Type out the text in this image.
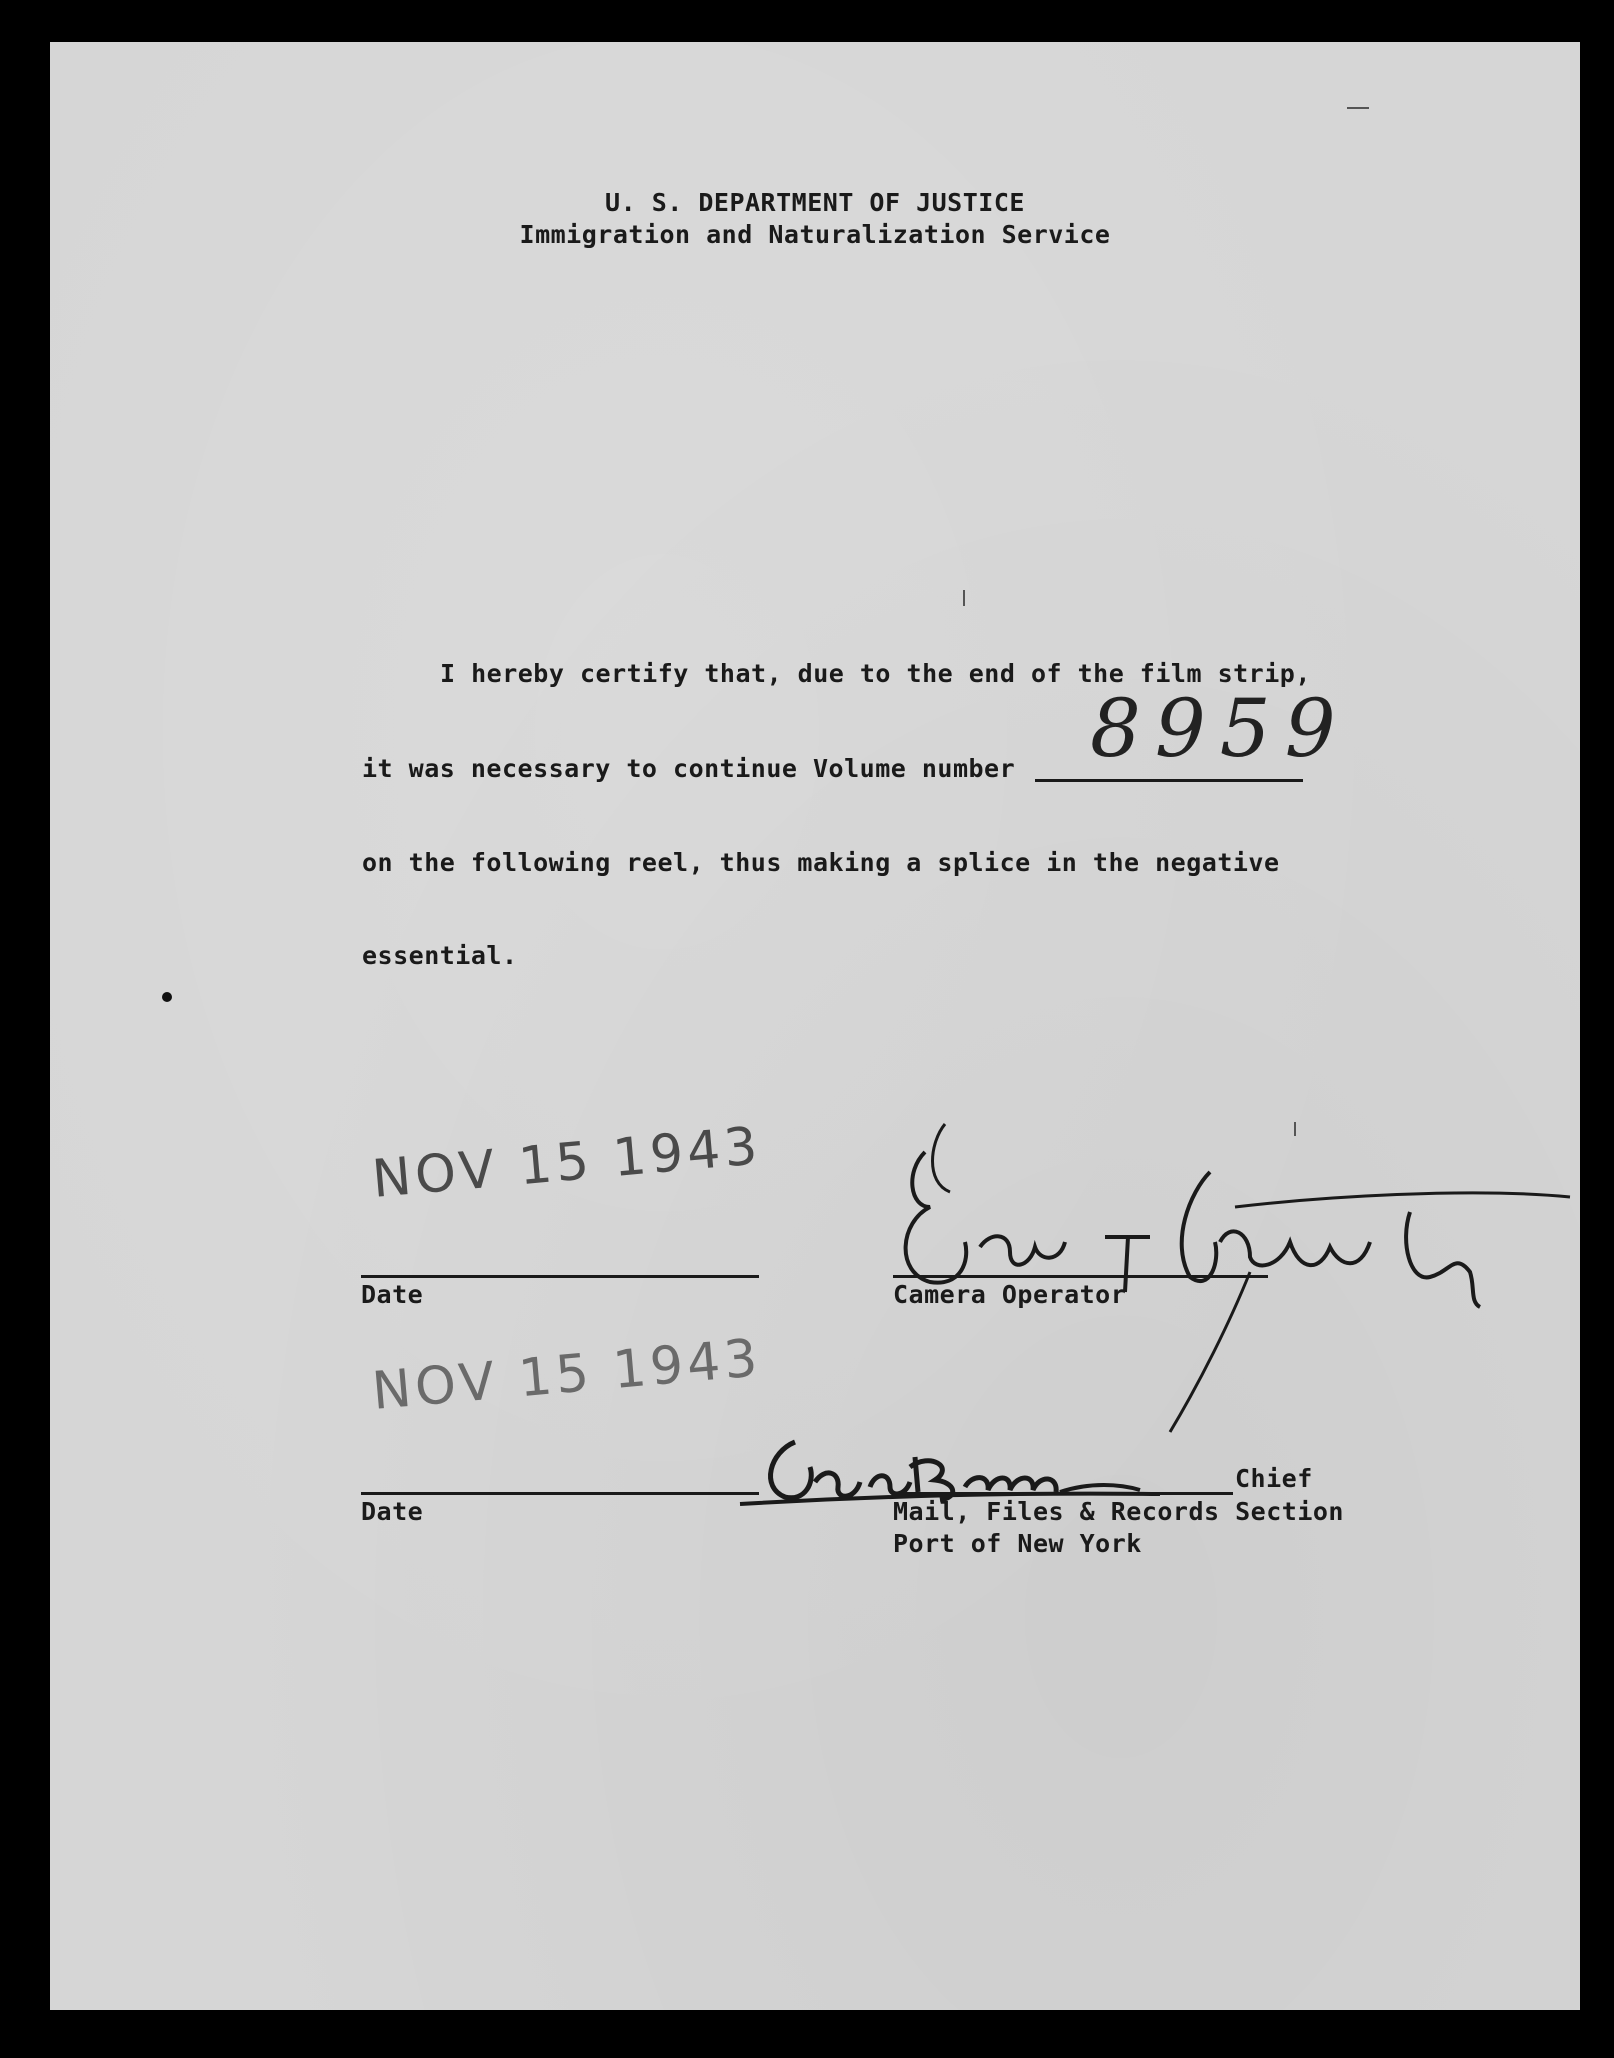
U. S. DEPARTMENT OF JUSTICE
Immigration and Naturalization Service
I hereby certify that, due to the end of the film strip,
it was necessary to continue Volume number 8959
on the following reel, thus making a splice in the negative
essential.
NOV 15 1943
Date	Camera Operator
NOV 15 1943
Date
Chief
Mail, Files & Records Section
Port of New York
